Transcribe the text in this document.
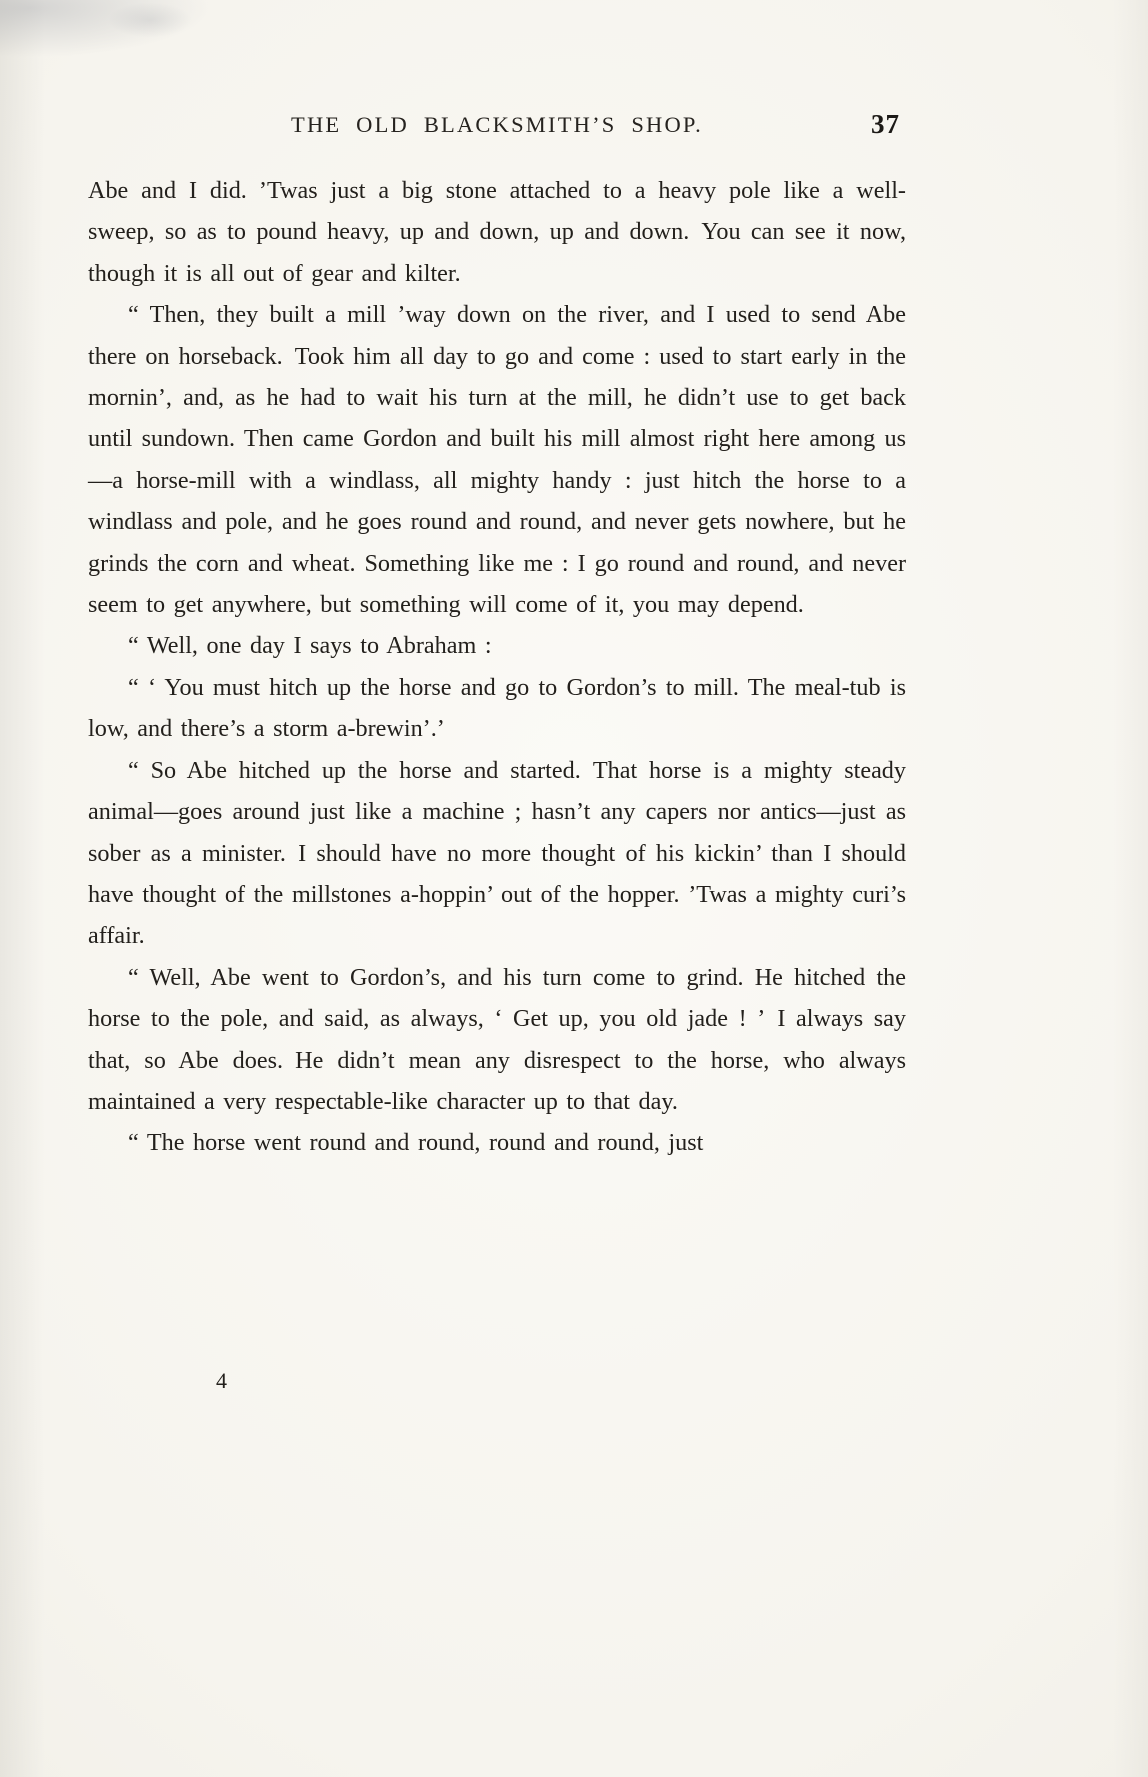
THE OLD BLACKSMITH’S SHOP.	37

Abe and I did. ’Twas just a big stone attached to a heavy pole like a well-sweep, so as to pound heavy, up and down, up and down. You can see it now, though it is all out of gear and kilter.

“ Then, they built a mill ’way down on the river, and I used to send Abe there on horseback. Took him all day to go and come : used to start early in the mornin’, and, as he had to wait his turn at the mill, he didn’t use to get back until sundown. Then came Gordon and built his mill almost right here among us—a horse-mill with a windlass, all mighty handy : just hitch the horse to a windlass and pole, and he goes round and round, and never gets nowhere, but he grinds the corn and wheat. Something like me : I go round and round, and never seem to get anywhere, but something will come of it, you may depend.

“ Well, one day I says to Abraham :

“ ‘ You must hitch up the horse and go to Gordon’s to mill. The meal-tub is low, and there’s a storm a-brewin’.’

“ So Abe hitched up the horse and started. That horse is a mighty steady animal—goes around just like a machine ; hasn’t any capers nor antics—just as sober as a minister. I should have no more thought of his kickin’ than I should have thought of the millstones a-hoppin’ out of the hopper. ’Twas a mighty curi’s affair.

“ Well, Abe went to Gordon’s, and his turn come to grind. He hitched the horse to the pole, and said, as always, ‘ Get up, you old jade ! ’ I always say that, so Abe does. He didn’t mean any disrespect to the horse, who always maintained a very respectable-like character up to that day.

“ The horse went round and round, round and round, just

4
